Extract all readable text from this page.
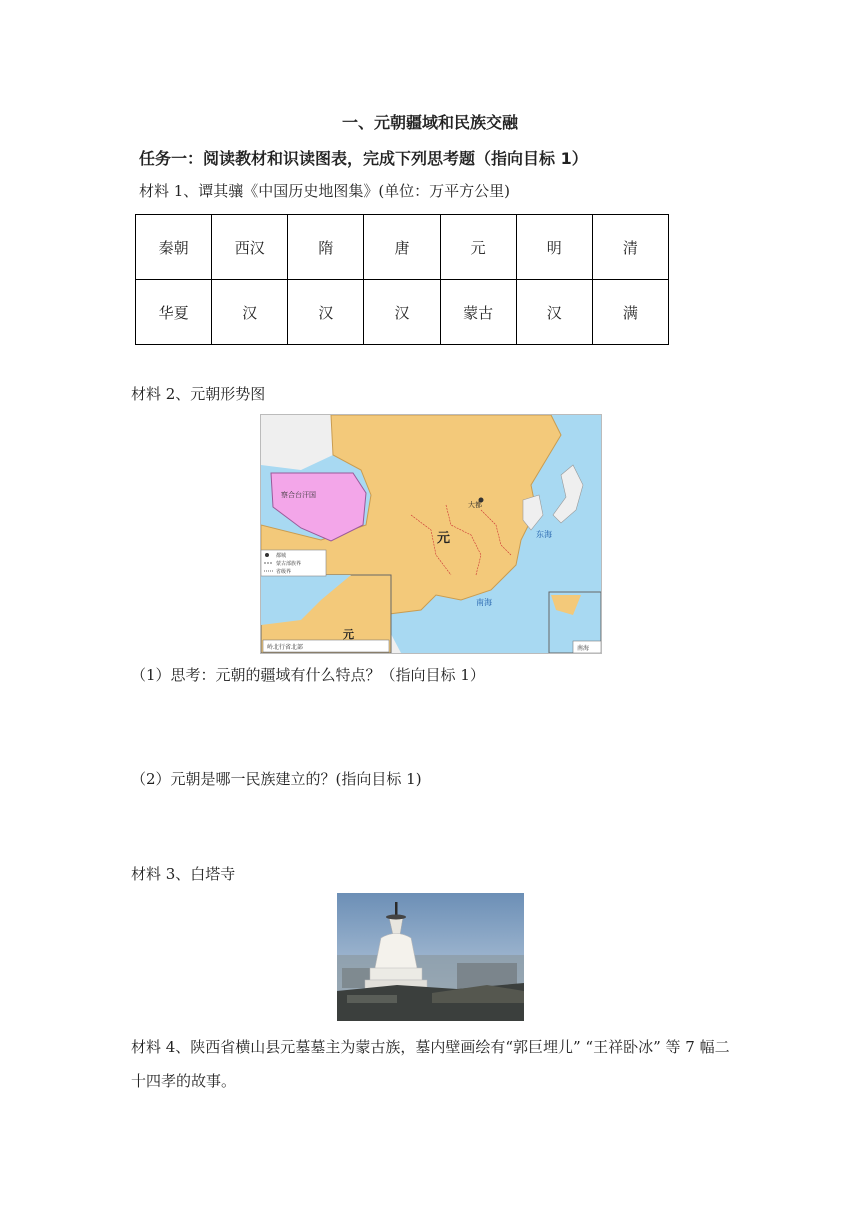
一、元朝疆域和民族交融
任务一：阅读教材和识读图表，完成下列思考题（指向目标 1）
材料 1、谭其骧《中国历史地图集》(单位：万平方公里)
秦朝	西汉	隋	唐	元	明	清
华夏	汉	汉	汉	蒙古	汉	满
材料 2、元朝形势图
察合台汗国
元
大都
东海
南海
元
岭北行省北部	南海
都城
蒙古部族界
省级界
（1）思考：元朝的疆域有什么特点？（指向目标 1）
（2）元朝是哪一民族建立的？(指向目标 1)
材料 3、白塔寺
材料 4、陕西省横山县元墓墓主为蒙古族，墓内壁画绘有“郭巨埋儿” “王祥卧冰” 等 7 幅二十四孝的故事。
